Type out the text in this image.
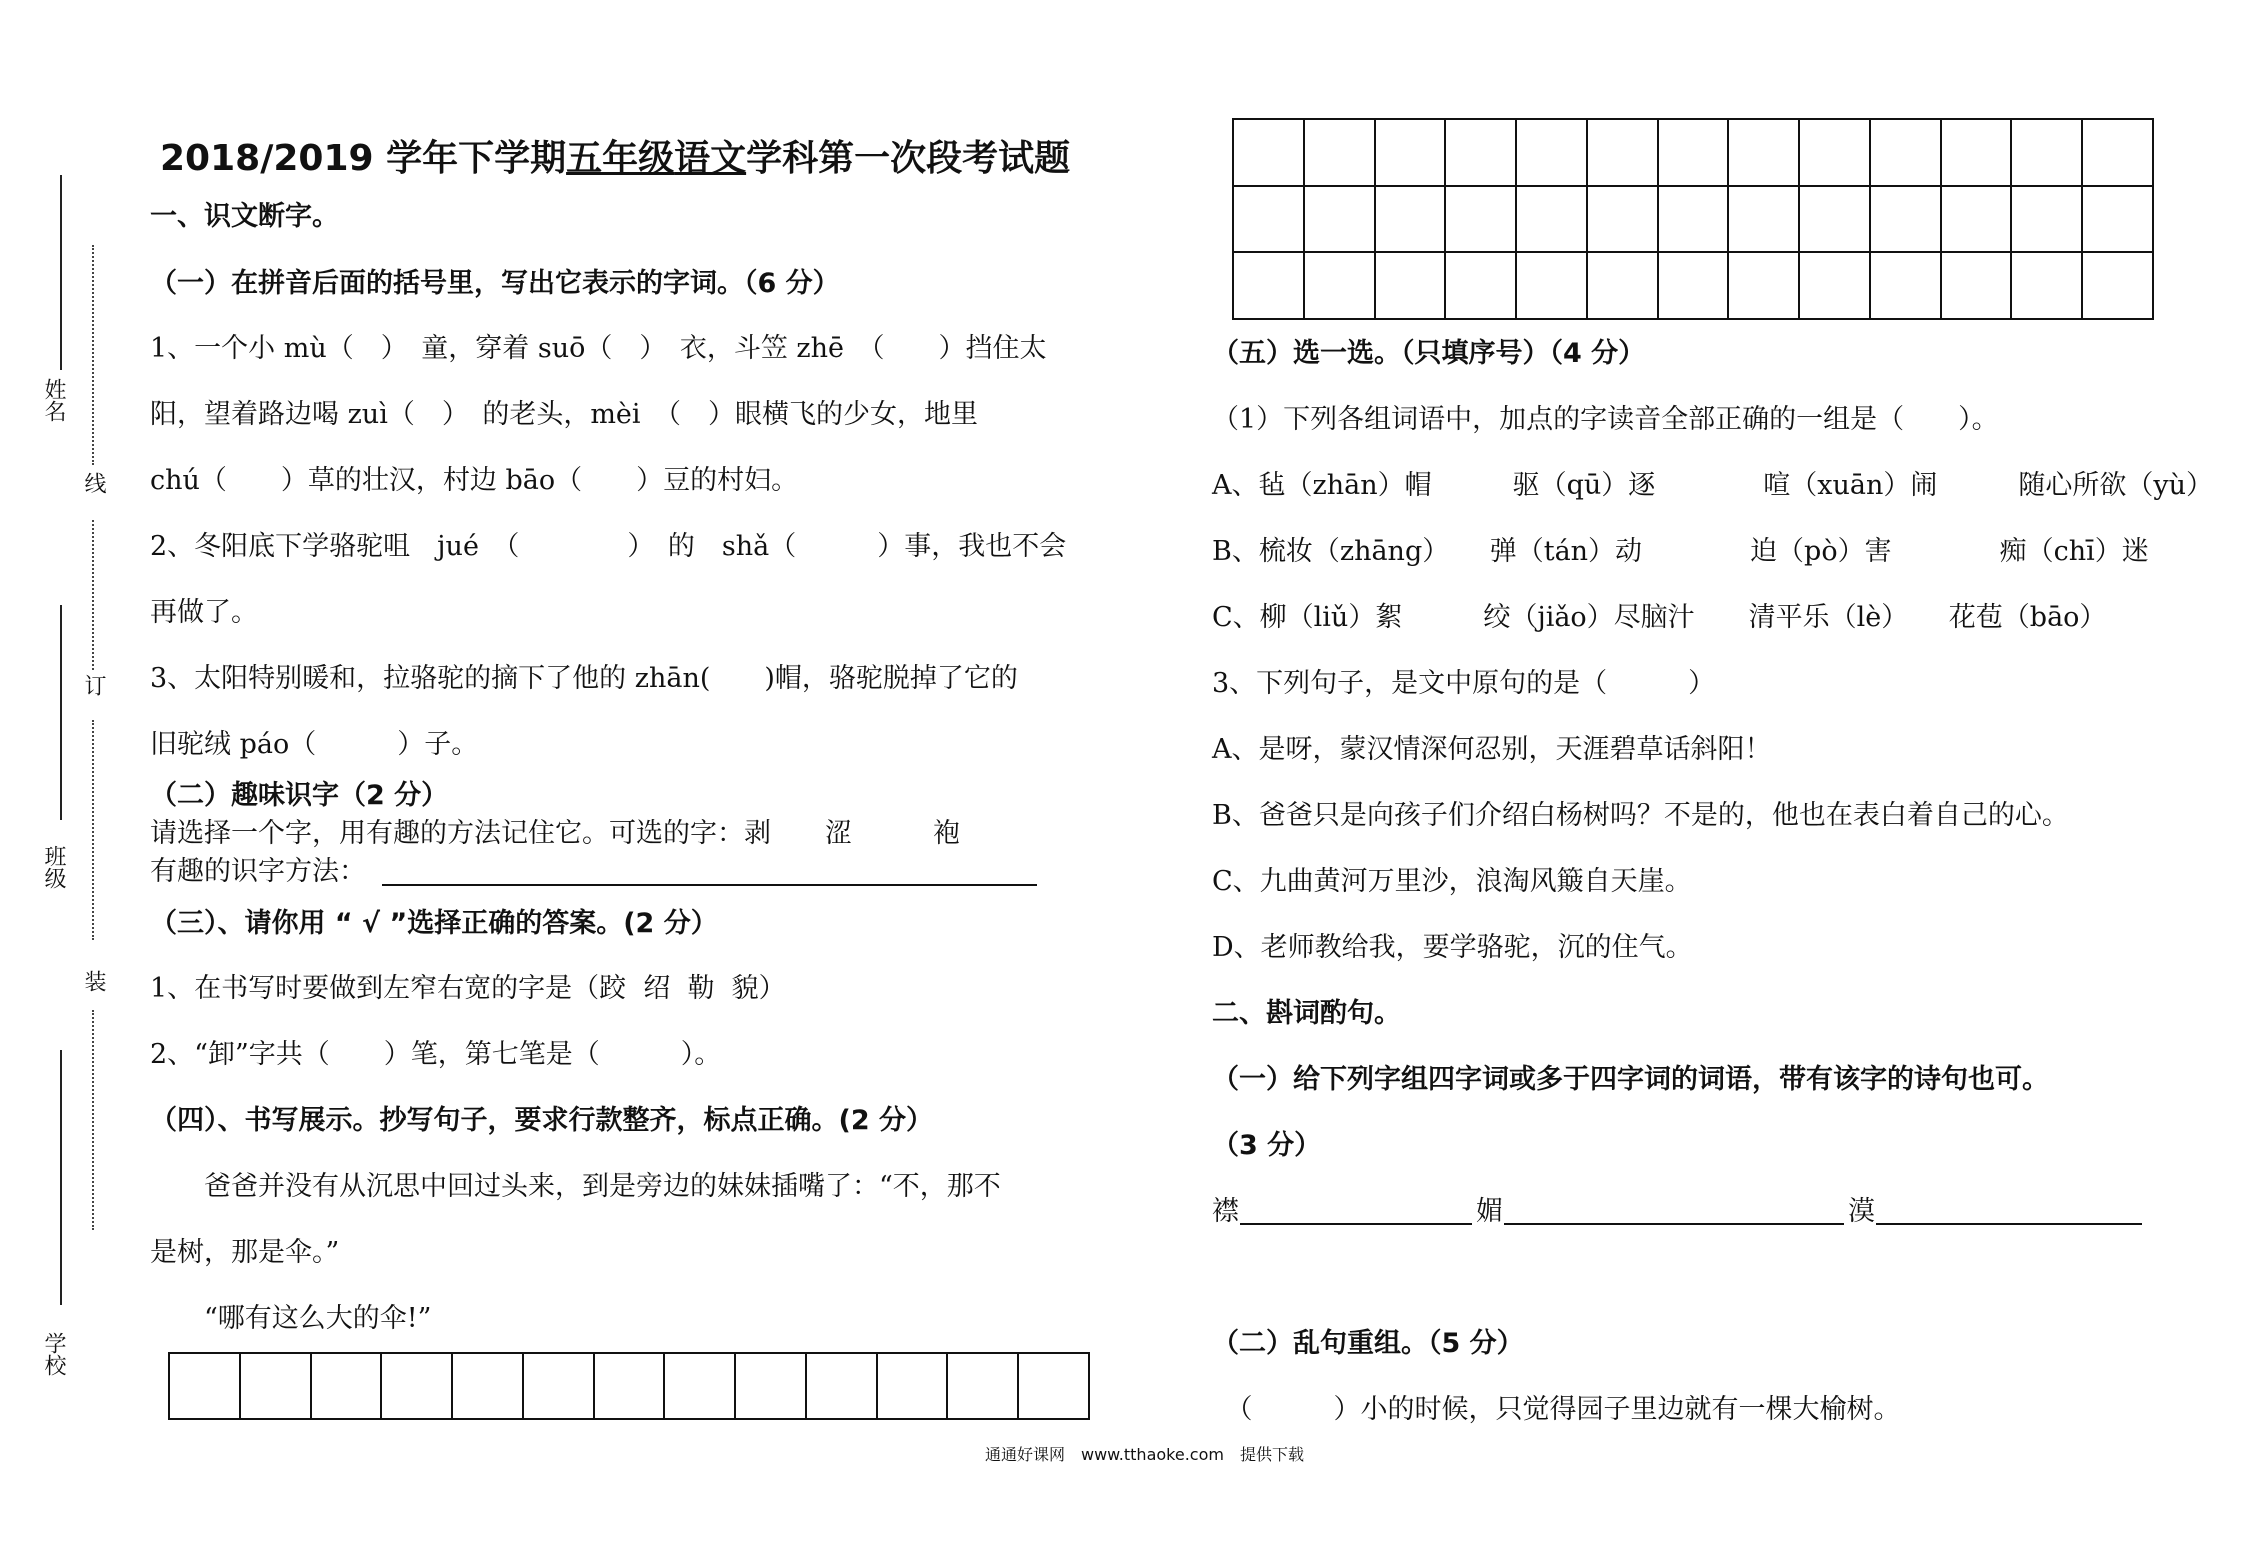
2018/2019 学年下学期五年级语文学科第一次段考试题
姓名
线
订
班级
装
学校
一、识文断字。
（一）在拼音后面的括号里，写出它表示的字词。（6 分）
1、一个小 mù（　）　童，穿着 suō（　）　衣，斗笠 zhē　（　　）挡住太
阳，望着路边喝 zuì（　）　的老头，mèi　（　）眼横飞的少女，地里
chú（　　）草的壮汉，村边 bāo（　　）豆的村妇。
2、冬阳底下学骆驼咀　jué　（　　　　）　的　shǎ（　　　）事，我也不会
再做了。
3、太阳特别暖和，拉骆驼的摘下了他的 zhān(　　)帽，骆驼脱掉了它的
旧驼绒 páo（　　　）子。
（二）趣味识字（2 分）
请选择一个字，用有趣的方法记住它。可选的字：剥　　涩　　　袍
有趣的识字方法：
（三）、请你用 “ √ ”选择正确的答案。(2 分）
1、在书写时要做到左窄右宽的字是（跤  绍  勒  貌）
2、“卸”字共（　　）笔，第七笔是（　　　）。
（四）、书写展示。抄写句子，要求行款整齐，标点正确。(2 分）
　　爸爸并没有从沉思中回过头来，到是旁边的妹妹插嘴了：“不，那不
是树，那是伞。”
　　“哪有这么大的伞!”

（五）选一选。（只填序号）（4 分）
（1）下列各组词语中，加点的字读音全部正确的一组是（　　）。
A、毡（zhān）帽　　　驱（qū）逐　　　　喧（xuān）闹　　　随心所欲（yù）
B、梳妆（zhāng）　　弹（tán）动　　　　迫（pò）害　　　　痴（chī）迷
C、柳（liǔ）絮　　　绞（jiǎo）尽脑汁　　清平乐（lè）　　花苞（bāo）
3、下列句子，是文中原句的是（　　　）
A、是呀，蒙汉情深何忍别，天涯碧草话斜阳！
B、爸爸只是向孩子们介绍白杨树吗？不是的，他也在表白着自己的心。
C、九曲黄河万里沙，浪淘风簸自天崖。
D、老师教给我，要学骆驼，沉的住气。
二、斟词酌句。
（一）给下列字组四字词或多于四字词的词语，带有该字的诗句也可。
（3 分）
襟	媚	漠
（二）乱句重组。（5 分）
　（　　　）小的时候，只觉得园子里边就有一棵大榆树。
通通好课网　www.tthaoke.com　提供下载
